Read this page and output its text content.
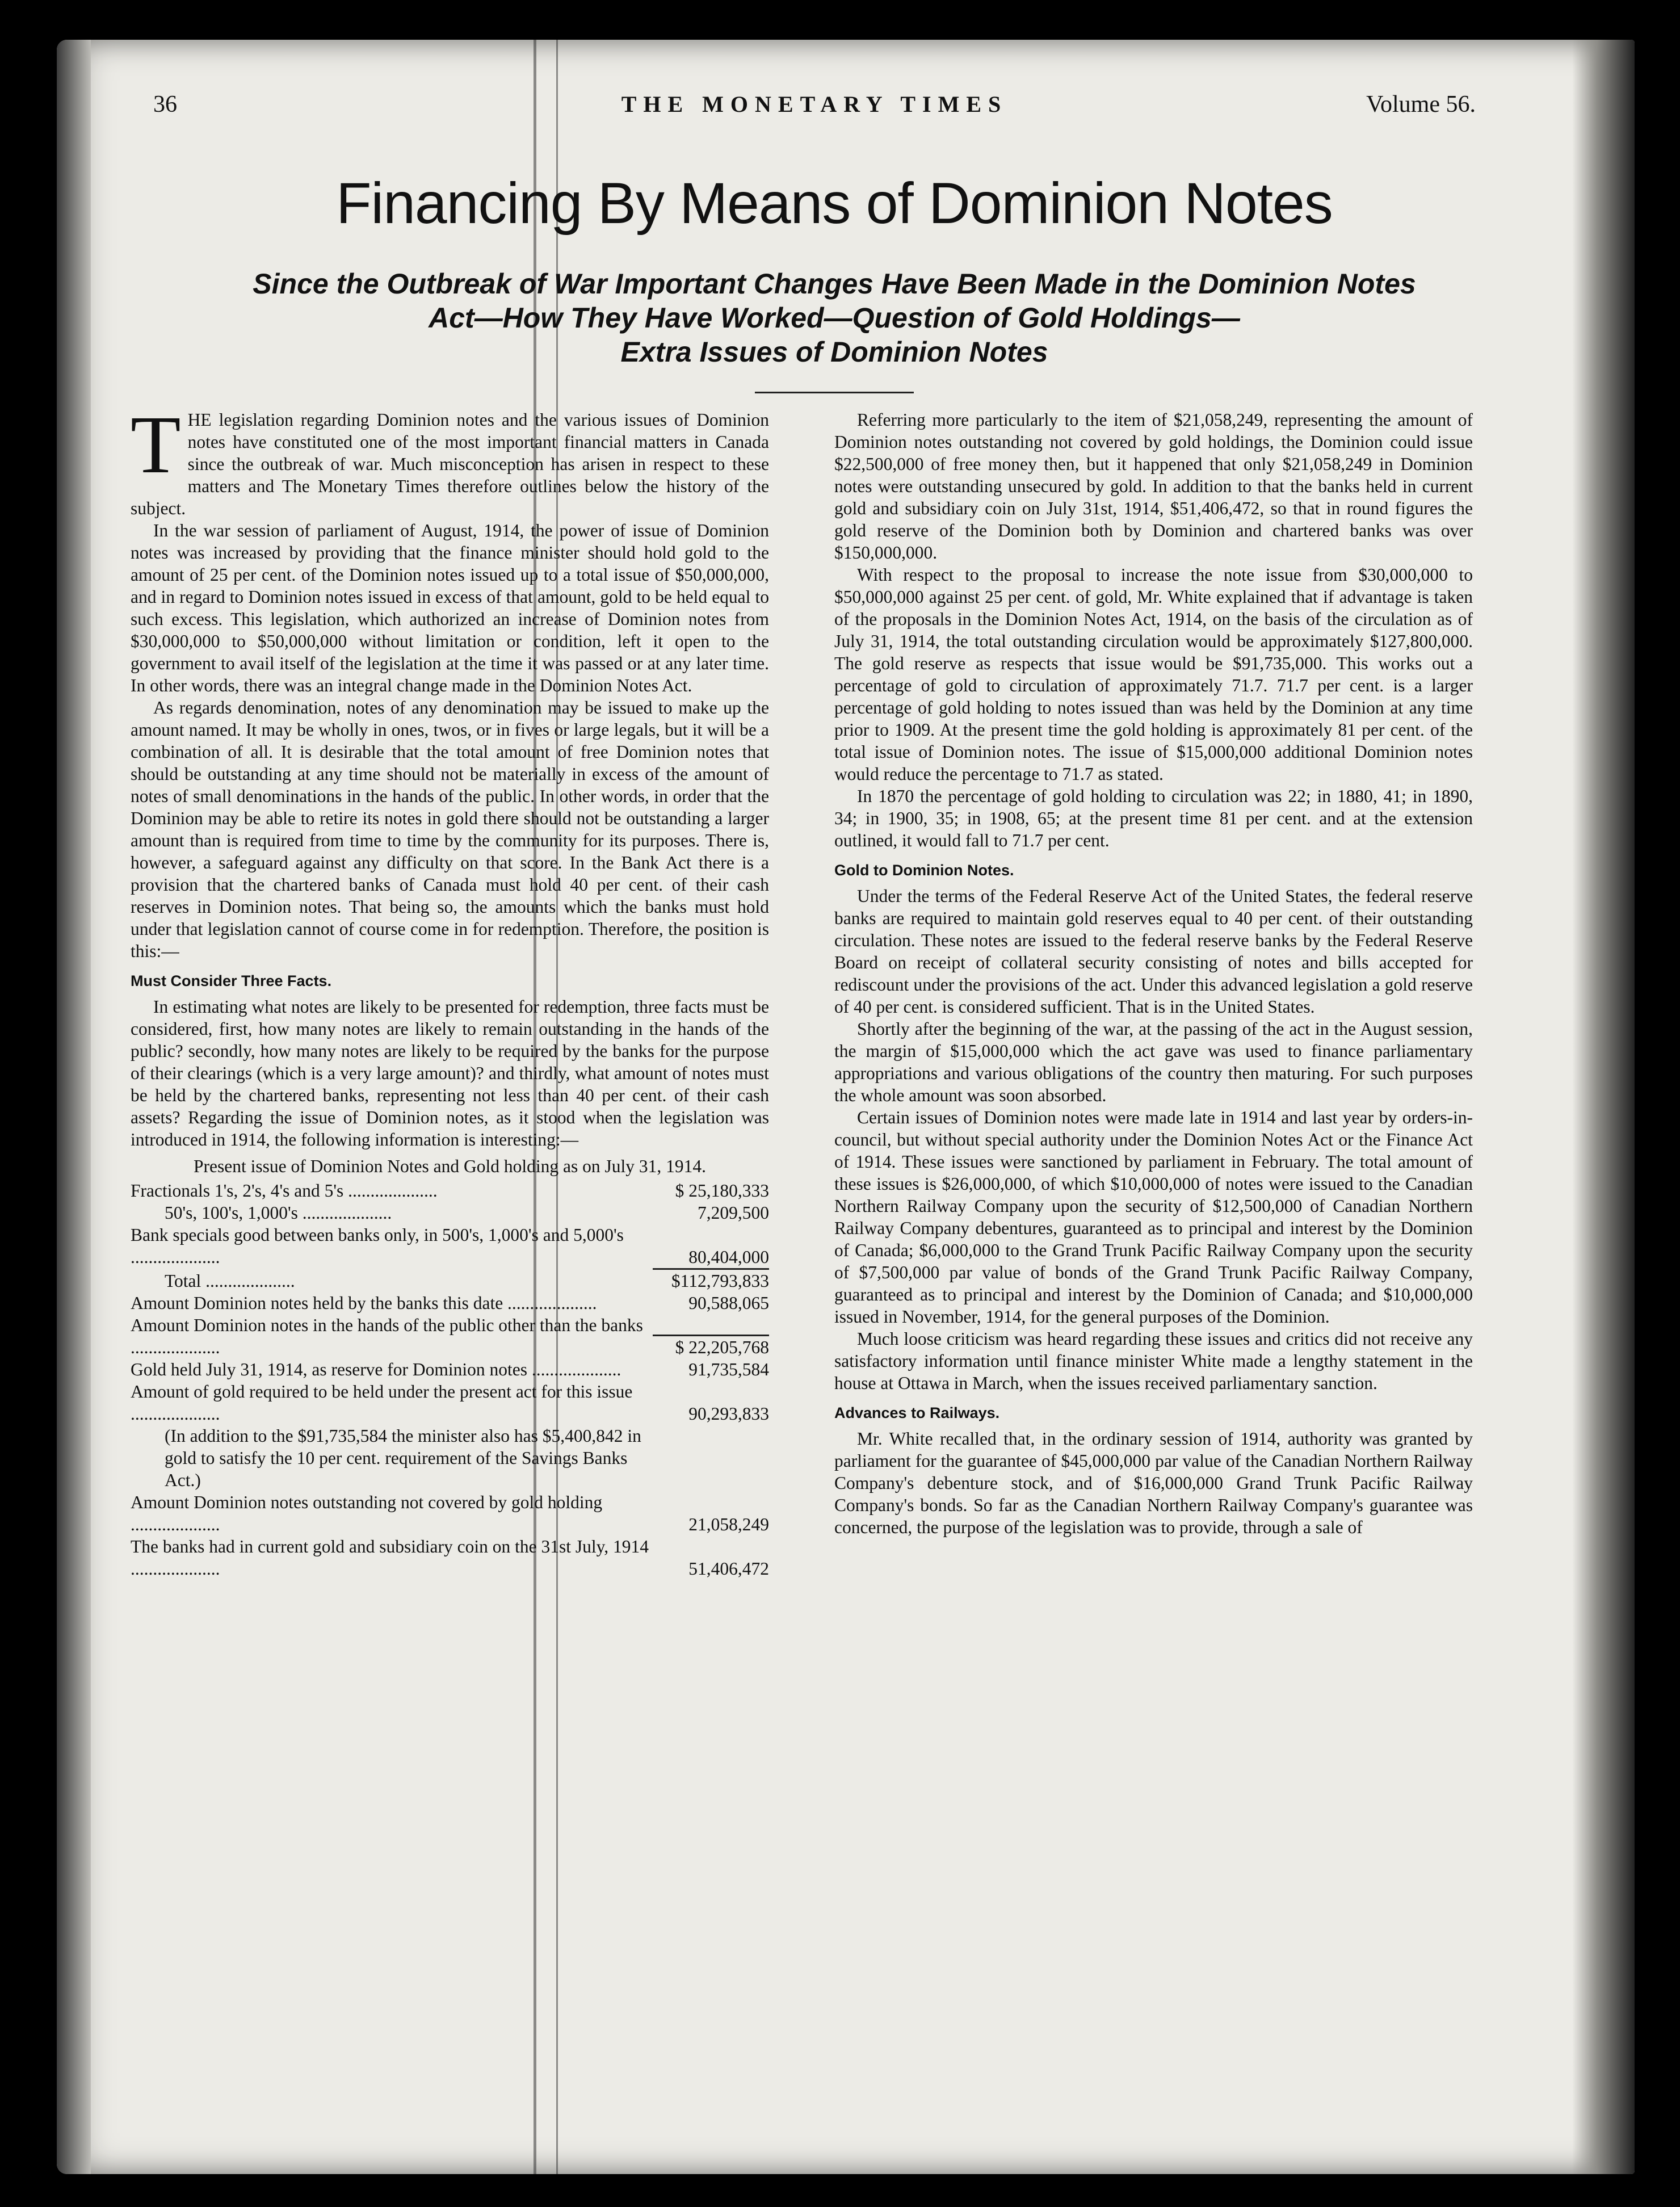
36	THE MONETARY TIMES	Volume 56.
Financing By Means of Dominion Notes
Since the Outbreak of War Important Changes Have Been Made in the Dominion Notes
Act—How They Have Worked—Question of Gold Holdings—
Extra Issues of Dominion Notes

THE legislation regarding Dominion notes and the various issues of Dominion notes have constituted one of the most important financial matters in Canada since the outbreak of war. Much misconception has arisen in respect to these matters and The Monetary Times therefore outlines below the history of the subject.

In the war session of parliament of August, 1914, the power of issue of Dominion notes was increased by providing that the finance minister should hold gold to the amount of 25 per cent. of the Dominion notes issued up to a total issue of $50,000,000, and in regard to Dominion notes issued in excess of that amount, gold to be held equal to such excess. This legislation, which authorized an increase of Dominion notes from $30,000,000 to $50,000,000 without limitation or condition, left it open to the government to avail itself of the legislation at the time it was passed or at any later time. In other words, there was an integral change made in the Dominion Notes Act.

As regards denomination, notes of any denomination may be issued to make up the amount named. It may be wholly in ones, twos, or in fives or large legals, but it will be a combination of all. It is desirable that the total amount of free Dominion notes that should be outstanding at any time should not be materially in excess of the amount of notes of small denominations in the hands of the public. In other words, in order that the Dominion may be able to retire its notes in gold there should not be outstanding a larger amount than is required from time to time by the community for its purposes. There is, however, a safeguard against any difficulty on that score. In the Bank Act there is a provision that the chartered banks of Canada must hold 40 per cent. of their cash reserves in Dominion notes. That being so, the amounts which the banks must hold under that legislation cannot of course come in for redemption. Therefore, the position is this:—

Must Consider Three Facts.

In estimating what notes are likely to be presented for redemption, three facts must be considered, first, how many notes are likely to remain outstanding in the hands of the public? secondly, how many notes are likely to be required by the banks for the purpose of their clearings (which is a very large amount)? and thirdly, what amount of notes must be held by the chartered banks, representing not less than 40 per cent. of their cash assets? Regarding the issue of Dominion notes, as it stood when the legislation was introduced in 1914, the following information is interesting:—

Present issue of Dominion Notes and Gold holding as on July 31, 1914.
Fractionals 1's, 2's, 4's and 5's ....................	$ 25,180,333
50's, 100's, 1,000's ....................	7,209,500
Bank specials good between banks only, in 500's, 1,000's and 5,000's ....................	80,404,000
Total ....................	$112,793,833
Amount Dominion notes held by the banks this date ....................	90,588,065
Amount Dominion notes in the hands of the public other than the banks ....................	$ 22,205,768
Gold held July 31, 1914, as reserve for Dominion notes ....................	91,735,584
Amount of gold required to be held under the present act for this issue ....................	90,293,833
(In addition to the $91,735,584 the minister also has $5,400,842 in gold to satisfy the 10 per cent. requirement of the Savings Banks Act.)
Amount Dominion notes outstanding not covered by gold holding ....................	21,058,249
The banks had in current gold and subsidiary coin on the 31st July, 1914 ....................	51,406,472

Referring more particularly to the item of $21,058,249, representing the amount of Dominion notes outstanding not covered by gold holdings, the Dominion could issue $22,500,000 of free money then, but it happened that only $21,058,249 in Dominion notes were outstanding unsecured by gold. In addition to that the banks held in current gold and subsidiary coin on July 31st, 1914, $51,406,472, so that in round figures the gold reserve of the Dominion both by Dominion and chartered banks was over $150,000,000.

With respect to the proposal to increase the note issue from $30,000,000 to $50,000,000 against 25 per cent. of gold, Mr. White explained that if advantage is taken of the proposals in the Dominion Notes Act, 1914, on the basis of the circulation as of July 31, 1914, the total outstanding circulation would be approximately $127,800,000. The gold reserve as respects that issue would be $91,735,000. This works out a percentage of gold to circulation of approximately 71.7. 71.7 per cent. is a larger percentage of gold holding to notes issued than was held by the Dominion at any time prior to 1909. At the present time the gold holding is approximately 81 per cent. of the total issue of Dominion notes. The issue of $15,000,000 additional Dominion notes would reduce the percentage to 71.7 as stated.

In 1870 the percentage of gold holding to circulation was 22; in 1880, 41; in 1890, 34; in 1900, 35; in 1908, 65; at the present time 81 per cent. and at the extension outlined, it would fall to 71.7 per cent.

Gold to Dominion Notes.

Under the terms of the Federal Reserve Act of the United States, the federal reserve banks are required to maintain gold reserves equal to 40 per cent. of their outstanding circulation. These notes are issued to the federal reserve banks by the Federal Reserve Board on receipt of collateral security consisting of notes and bills accepted for rediscount under the provisions of the act. Under this advanced legislation a gold reserve of 40 per cent. is considered sufficient. That is in the United States.

Shortly after the beginning of the war, at the passing of the act in the August session, the margin of $15,000,000 which the act gave was used to finance parliamentary appropriations and various obligations of the country then maturing. For such purposes the whole amount was soon absorbed.

Certain issues of Dominion notes were made late in 1914 and last year by orders-in-council, but without special authority under the Dominion Notes Act or the Finance Act of 1914. These issues were sanctioned by parliament in February. The total amount of these issues is $26,000,000, of which $10,000,000 of notes were issued to the Canadian Northern Railway Company upon the security of $12,500,000 of Canadian Northern Railway Company debentures, guaranteed as to principal and interest by the Dominion of Canada; $6,000,000 to the Grand Trunk Pacific Railway Company upon the security of $7,500,000 par value of bonds of the Grand Trunk Pacific Railway Company, guaranteed as to principal and interest by the Dominion of Canada; and $10,000,000 issued in November, 1914, for the general purposes of the Dominion.

Much loose criticism was heard regarding these issues and critics did not receive any satisfactory information until finance minister White made a lengthy statement in the house at Ottawa in March, when the issues received parliamentary sanction.

Advances to Railways.

Mr. White recalled that, in the ordinary session of 1914, authority was granted by parliament for the guarantee of $45,000,000 par value of the Canadian Northern Railway Company's debenture stock, and of $16,000,000 Grand Trunk Pacific Railway Company's bonds. So far as the Canadian Northern Railway Company's guarantee was concerned, the purpose of the legislation was to provide, through a sale of
